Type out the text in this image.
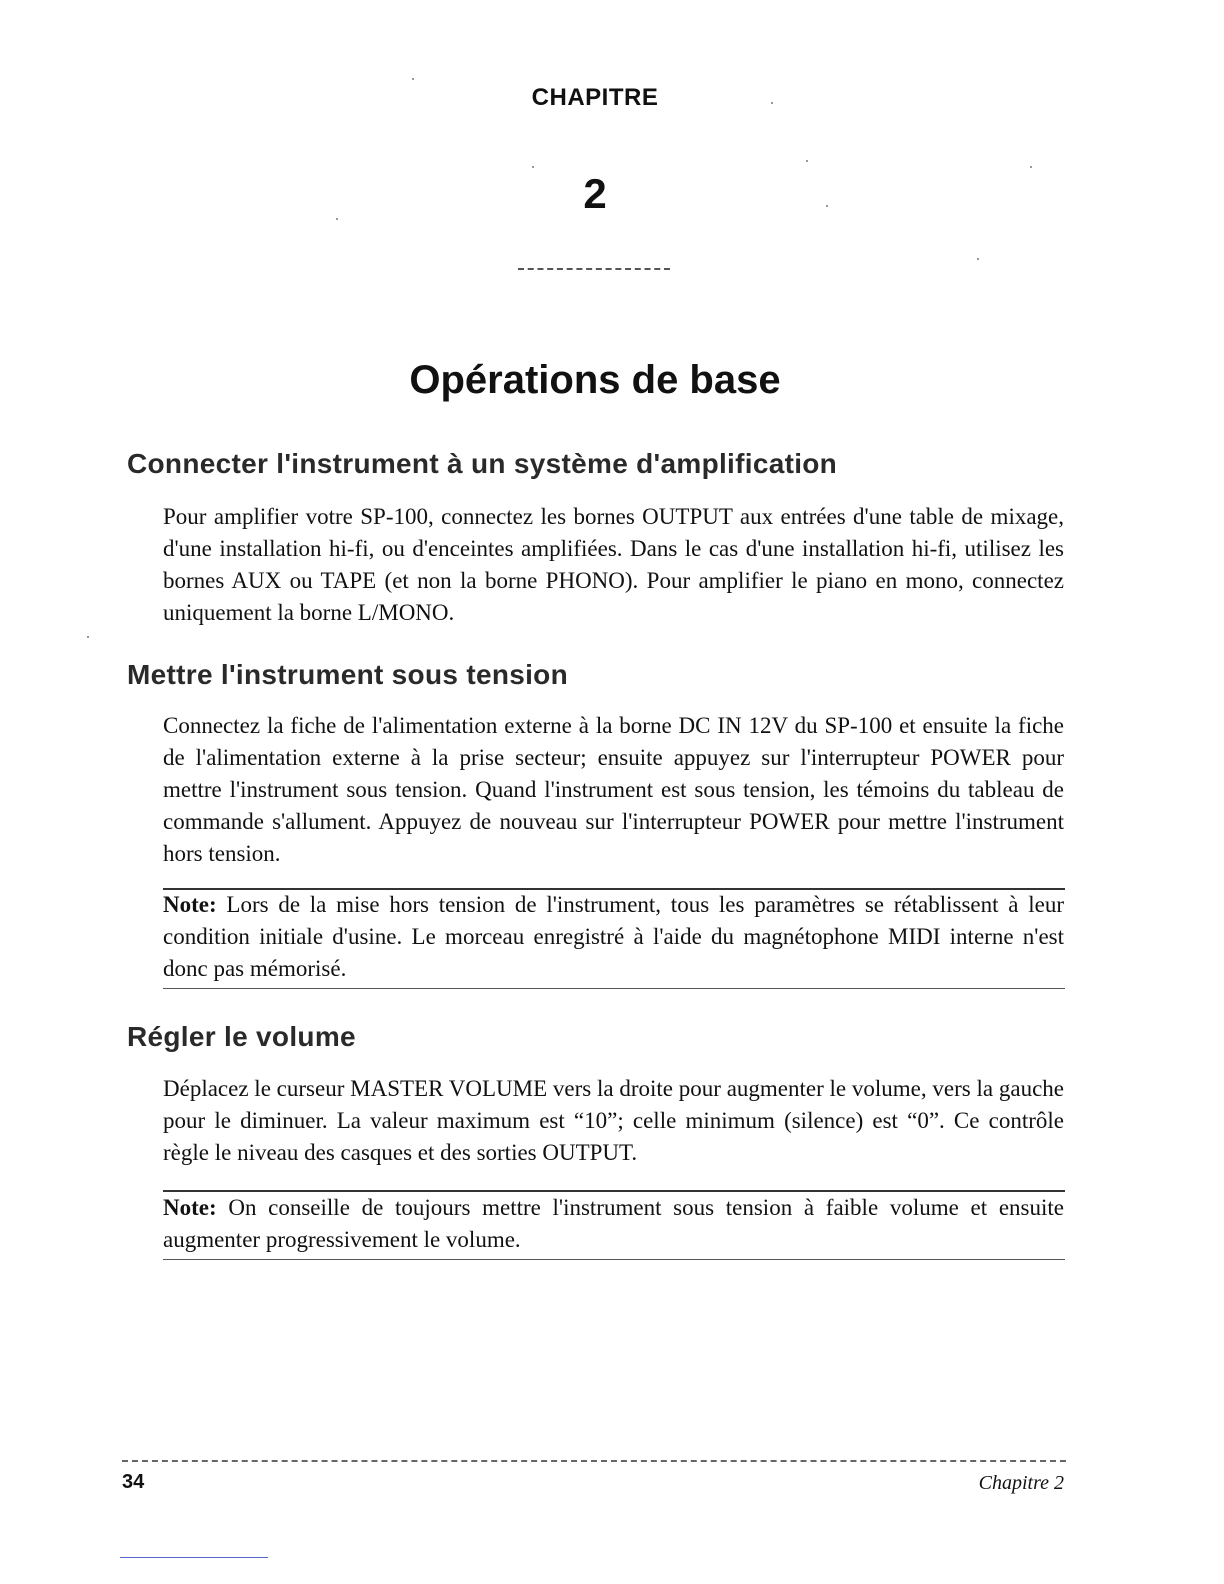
CHAPITRE
2
Opérations de base
Connecter l'instrument à un système d'amplification
Pour amplifier votre SP-100, connectez les bornes OUTPUT aux entrées d'une table de mixage, d'une installation hi-fi, ou d'enceintes amplifiées. Dans le cas d'une installation hi-fi, utilisez les bornes AUX ou TAPE (et non la borne PHONO). Pour amplifier le piano en mono, connectez uniquement la borne L/MONO.
Mettre l'instrument sous tension
Connectez la fiche de l'alimentation externe à la borne DC IN 12V du SP-100 et ensuite la fiche de l'alimentation externe à la prise secteur; ensuite appuyez sur l'interrupteur POWER pour mettre l'instrument sous tension. Quand l'instrument est sous tension, les témoins du tableau de commande s'allument. Appuyez de nouveau sur l'interrupteur POWER pour mettre l'instrument hors tension.
Note: Lors de la mise hors tension de l'instrument, tous les paramètres se rétablissent à leur condition initiale d'usine. Le morceau enregistré à l'aide du magnétophone MIDI interne n'est donc pas mémorisé.
Régler le volume
Déplacez le curseur MASTER VOLUME vers la droite pour augmenter le volume, vers la gauche pour le diminuer. La valeur maximum est “10”; celle minimum (silence) est “0”. Ce contrôle règle le niveau des casques et des sorties OUTPUT.
Note: On conseille de toujours mettre l'instrument sous tension à faible volume et ensuite augmenter progressivement le volume.
34	Chapitre 2
